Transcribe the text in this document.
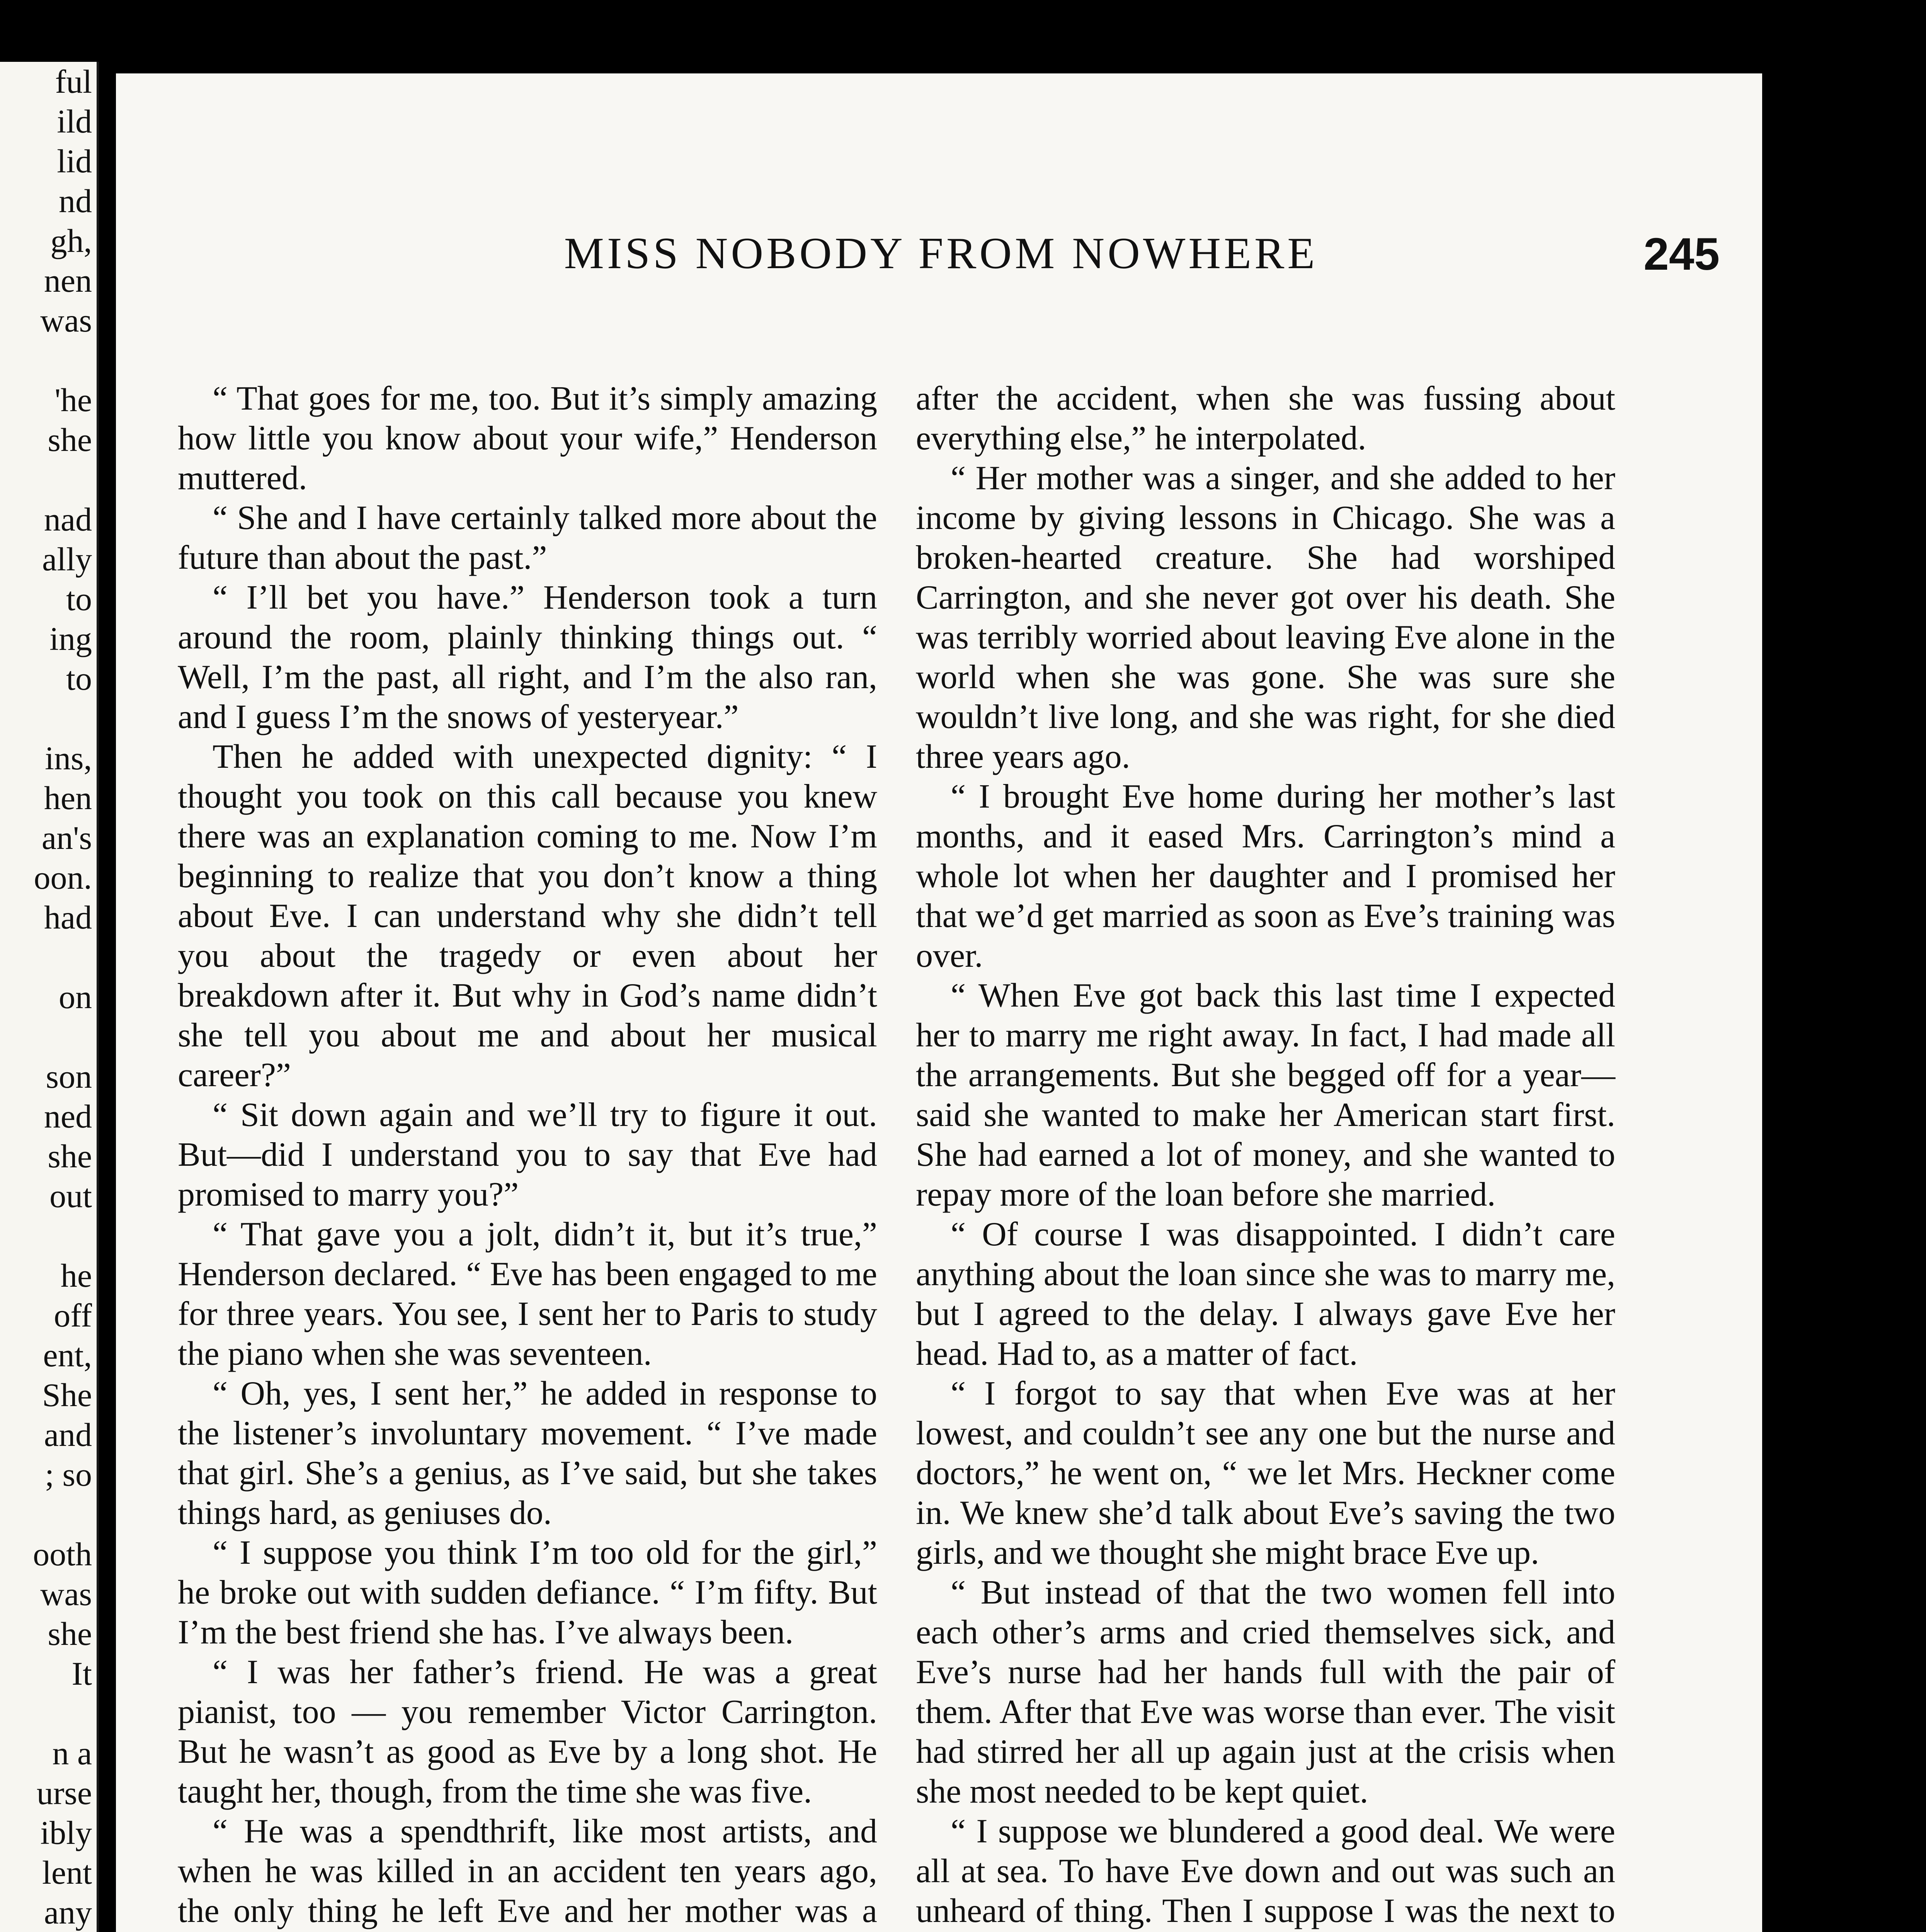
ful
ild
lid
nd
gh,
nen
was
'he
she
nad
ally
to
ing
to
ins,
hen
an's
oon.
had
on
son
ned
she
out
he
off
ent,
She
and
; so
ooth
was
she
It
n a
urse
ibly
lent
any
MISS NOBODY FROM NOWHERE	245

“ That goes for me, too. But it’s simply amazing how little you know about your wife,” Henderson muttered.

“ She and I have certainly talked more about the future than about the past.”

“ I’ll bet you have.” Henderson took a turn around the room, plainly thinking things out. “ Well, I’m the past, all right, and I’m the also ran, and I guess I’m the snows of yesteryear.”

Then he added with unexpected dignity: “ I thought you took on this call because you knew there was an explanation coming to me. Now I’m beginning to realize that you don’t know a thing about Eve. I can understand why she didn’t tell you about the tragedy or even about her breakdown after it. But why in God’s name didn’t she tell you about me and about her musical career?”

“ Sit down again and we’ll try to figure it out. But—did I understand you to say that Eve had promised to marry you?”

“ That gave you a jolt, didn’t it, but it’s true,” Henderson declared. “ Eve has been engaged to me for three years. You see, I sent her to Paris to study the piano when she was seventeen.

“ Oh, yes, I sent her,” he added in response to the listener’s involuntary movement. “ I’ve made that girl. She’s a genius, as I’ve said, but she takes things hard, as geniuses do.

“ I suppose you think I’m too old for the girl,” he broke out with sudden defiance. “ I’m fifty. But I’m the best friend she has. I’ve always been.

“ I was her father’s friend. He was a great pianist, too — you remember Victor Carrington. But he wasn’t as good as Eve by a long shot. He taught her, though, from the time she was five.

“ He was a spendthrift, like most artists, and when he was killed in an accident ten years ago, the only thing he left Eve and her mother was a

after the accident, when she was fussing about everything else,” he interpolated.

“ Her mother was a singer, and she added to her income by giving lessons in Chicago. She was a broken-hearted creature. She had worshiped Carrington, and she never got over his death. She was terribly worried about leaving Eve alone in the world when she was gone. She was sure she wouldn’t live long, and she was right, for she died three years ago.

“ I brought Eve home during her mother’s last months, and it eased Mrs. Carrington’s mind a whole lot when her daughter and I promised her that we’d get married as soon as Eve’s training was over.

“ When Eve got back this last time I expected her to marry me right away. In fact, I had made all the arrangements. But she begged off for a year—said she wanted to make her American start first. She had earned a lot of money, and she wanted to repay more of the loan before she married.

“ Of course I was disappointed. I didn’t care anything about the loan since she was to marry me, but I agreed to the delay. I always gave Eve her head. Had to, as a matter of fact.

“ I forgot to say that when Eve was at her lowest, and couldn’t see any one but the nurse and doctors,” he went on, “ we let Mrs. Heckner come in. We knew she’d talk about Eve’s saving the two girls, and we thought she might brace Eve up.

“ But instead of that the two women fell into each other’s arms and cried themselves sick, and Eve’s nurse had her hands full with the pair of them. After that Eve was worse than ever. The visit had stirred her all up again just at the crisis when she most needed to be kept quiet.

“ I suppose we blundered a good deal. We were all at sea. To have Eve down and out was such an unheard of thing. Then I suppose I was the next to
